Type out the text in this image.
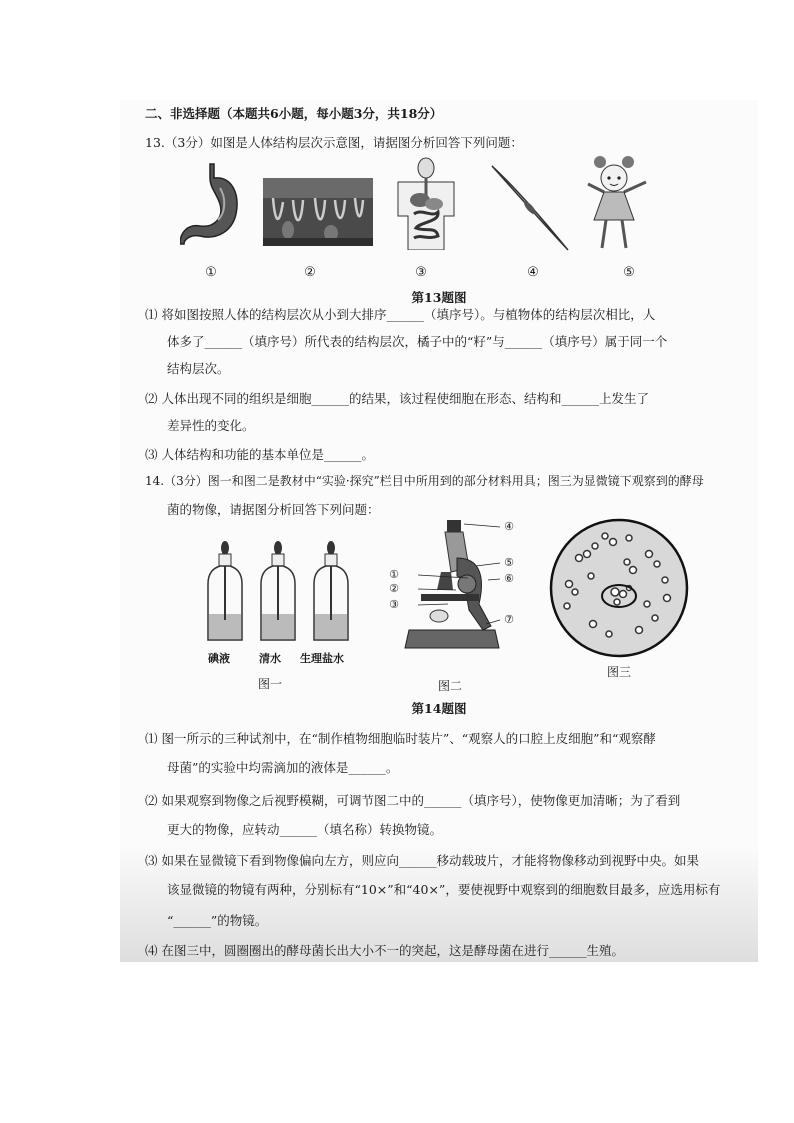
二、非选择题（本题共6小题，每小题3分，共18分）
13.（3分）如图是人体结构层次示意图，请据图分析回答下列问题：
①	②	③	④	⑤
第13题图
⑴ 将如图按照人体的结构层次从小到大排序______（填序号）。与植物体的结构层次相比，人
体多了______（填序号）所代表的结构层次，橘子中的“籽”与______（填序号）属于同一个
结构层次。
⑵ 人体出现不同的组织是细胞______的结果，该过程使细胞在形态、结构和______上发生了
差异性的变化。
⑶ 人体结构和功能的基本单位是______。
14.（3分）图一和图二是教材中“实验·探究”栏目中所用到的部分材料用具；图三为显微镜下观察到的酵母
菌的物像，请据图分析回答下列问题：
碘液	清水 生理盐水
图一
①
②
③
④
⑤
⑥
⑦
图二
图三
第14题图
⑴ 图一所示的三种试剂中，在“制作植物细胞临时装片”、“观察人的口腔上皮细胞”和“观察酵
母菌”的实验中均需滴加的液体是______。
⑵ 如果观察到物像之后视野模糊，可调节图二中的______（填序号），使物像更加清晰；为了看到
更大的物像，应转动______（填名称）转换物镜。
⑶ 如果在显微镜下看到物像偏向左方，则应向______移动载玻片，才能将物像移动到视野中央。如果
该显微镜的物镜有两种，分别标有“10×”和“40×”，要使视野中观察到的细胞数目最多，应选用标有
“______”的物镜。
⑷ 在图三中，圆圈圈出的酵母菌长出大小不一的突起，这是酵母菌在进行______生殖。
